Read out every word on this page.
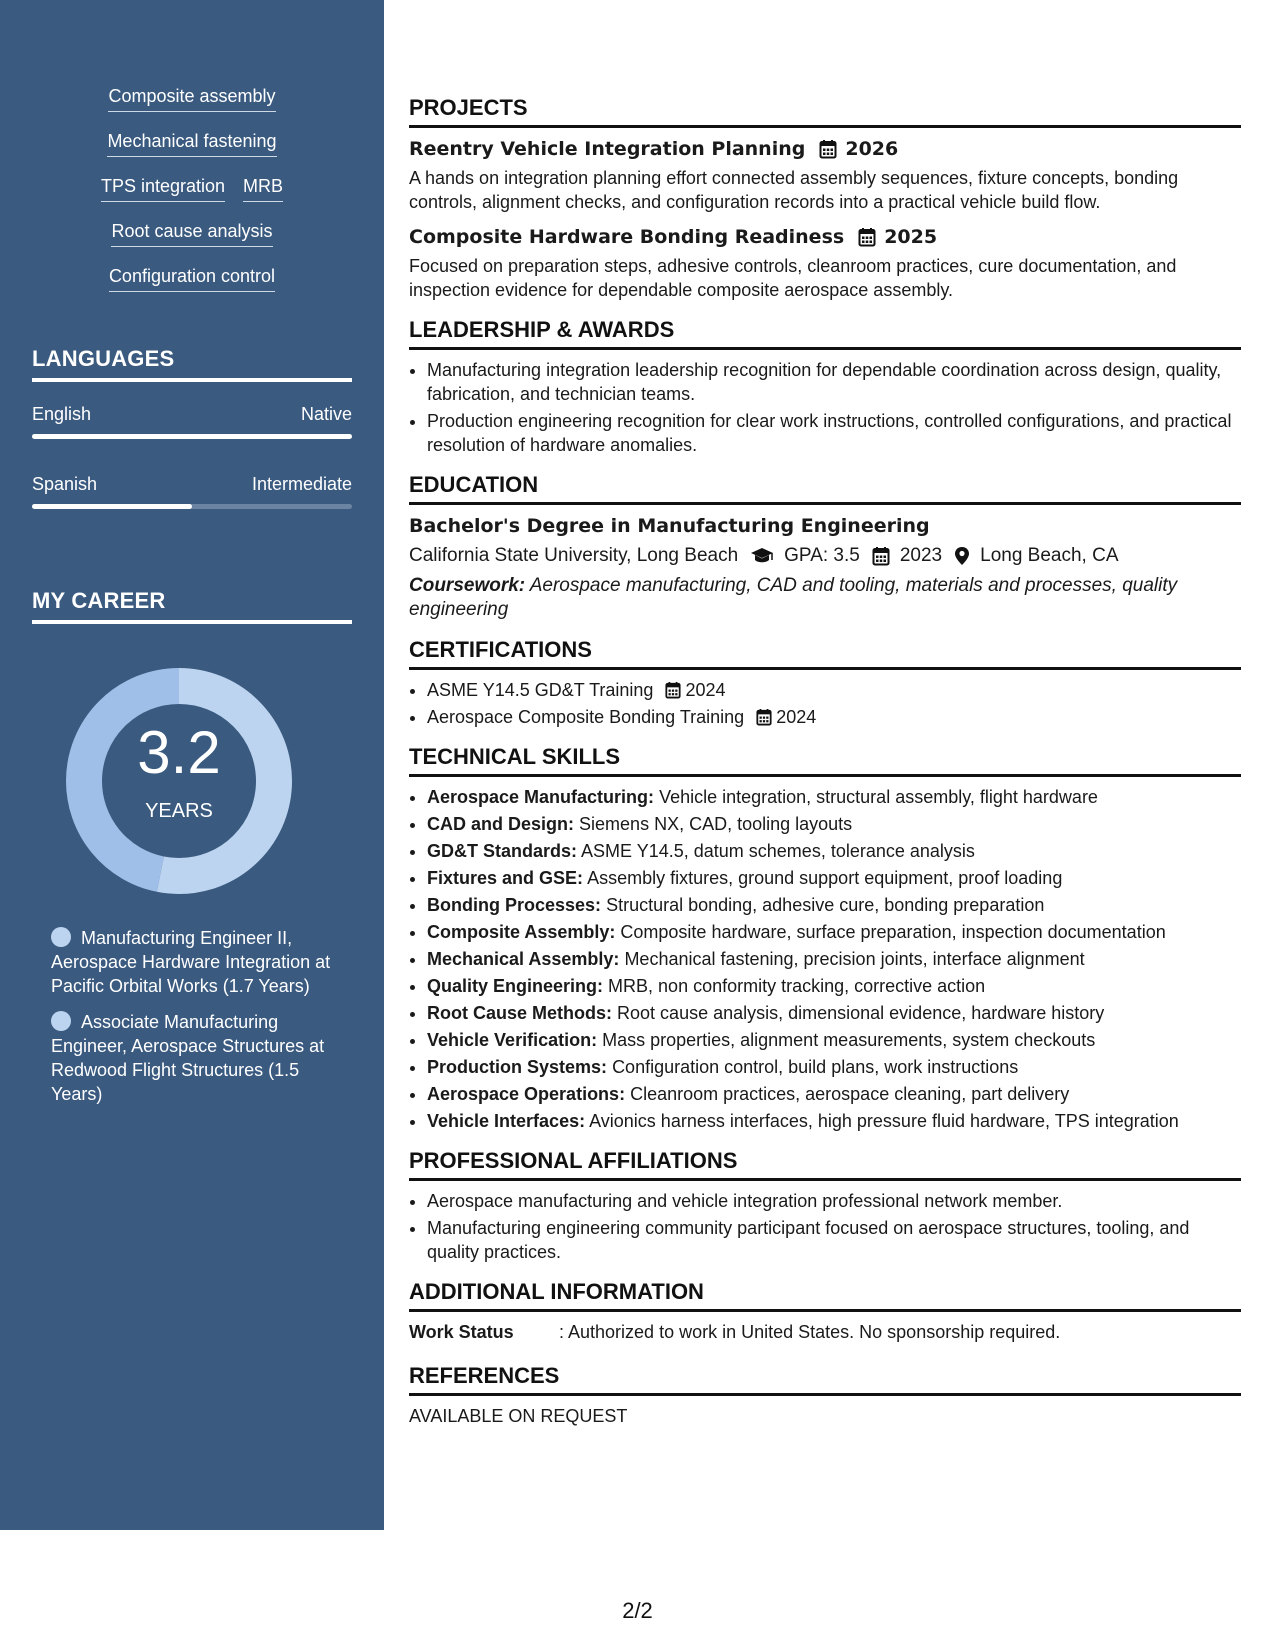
Composite assembly
Mechanical fastening
TPS integration MRB
Root cause analysis
Configuration control
LANGUAGES
English	Native
Spanish	Intermediate
MY CAREER
3.2
YEARS
Manufacturing Engineer II, Aerospace Hardware Integration at Pacific Orbital Works (1.7 Years)
Associate Manufacturing Engineer, Aerospace Structures at Redwood Flight Structures (1.5 Years)
PROJECTS
Reentry Vehicle Integration Planning 2026
A hands on integration planning effort connected assembly sequences, fixture concepts, bonding controls, alignment checks, and configuration records into a practical vehicle build flow.
Composite Hardware Bonding Readiness 2025
Focused on preparation steps, adhesive controls, cleanroom practices, cure documentation, and inspection evidence for dependable composite aerospace assembly.
LEADERSHIP & AWARDS
• Manufacturing integration leadership recognition for dependable coordination across design, quality, fabrication, and technician teams.
• Production engineering recognition for clear work instructions, controlled configurations, and practical resolution of hardware anomalies.
EDUCATION
Bachelor's Degree in Manufacturing Engineering
California State University, Long Beach GPA: 3.5 2023 Long Beach, CA
Coursework: Aerospace manufacturing, CAD and tooling, materials and processes, quality engineering
CERTIFICATIONS
• ASME Y14.5 GD&T Training 2024
• Aerospace Composite Bonding Training 2024
TECHNICAL SKILLS
• Aerospace Manufacturing: Vehicle integration, structural assembly, flight hardware
• CAD and Design: Siemens NX, CAD, tooling layouts
• GD&T Standards: ASME Y14.5, datum schemes, tolerance analysis
• Fixtures and GSE: Assembly fixtures, ground support equipment, proof loading
• Bonding Processes: Structural bonding, adhesive cure, bonding preparation
• Composite Assembly: Composite hardware, surface preparation, inspection documentation
• Mechanical Assembly: Mechanical fastening, precision joints, interface alignment
• Quality Engineering: MRB, non conformity tracking, corrective action
• Root Cause Methods: Root cause analysis, dimensional evidence, hardware history
• Vehicle Verification: Mass properties, alignment measurements, system checkouts
• Production Systems: Configuration control, build plans, work instructions
• Aerospace Operations: Cleanroom practices, aerospace cleaning, part delivery
• Vehicle Interfaces: Avionics harness interfaces, high pressure fluid hardware, TPS integration
PROFESSIONAL AFFILIATIONS
• Aerospace manufacturing and vehicle integration professional network member.
• Manufacturing engineering community participant focused on aerospace structures, tooling, and quality practices.
ADDITIONAL INFORMATION
Work Status	: Authorized to work in United States. No sponsorship required.
REFERENCES
AVAILABLE ON REQUEST
2/2
